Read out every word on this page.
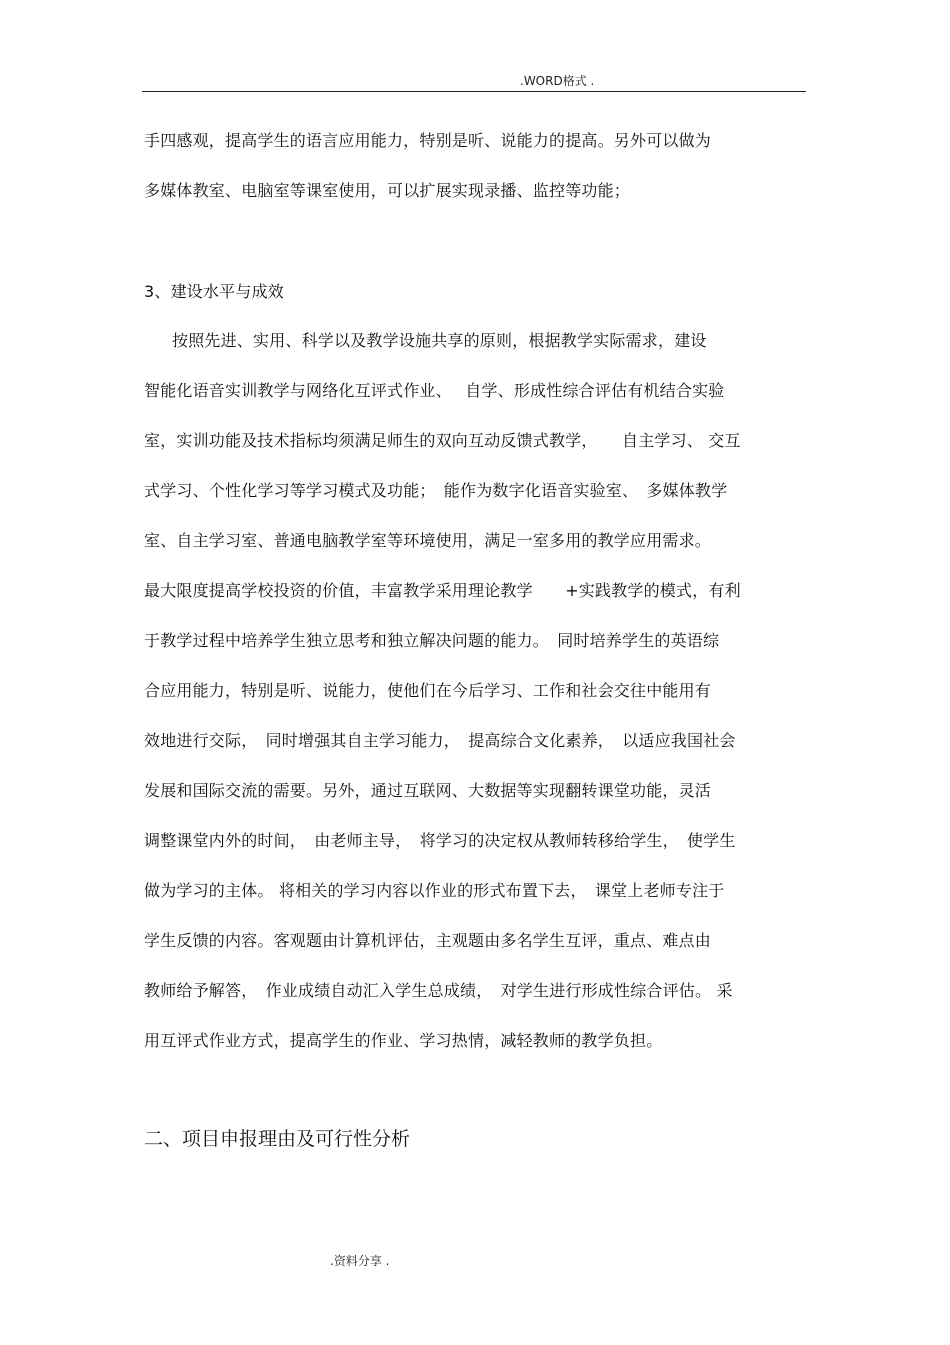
.WORD格式 .
手四感观，提高学生的语言应用能力，特别是听、说能力的提高。另外可以做为
多媒体教室、电脑室等课室使用，可以扩展实现录播、监控等功能；
3、建设水平与成效
按照先进、实用、科学以及教学设施共享的原则，根据教学实际需求，建设
智能化语音实训教学与网络化互评式作业、　 自学、形成性综合评估有机结合实验
室，实训功能及技术指标均须满足师生的双向互动反馈式教学，　　自主学习、 交互
式学习、个性化学习等学习模式及功能；　能作为数字化语音实验室、　多媒体教学
室、自主学习室、普通电脑教学室等环境使用，满足一室多用的教学应用需求。
最大限度提高学校投资的价值，丰富教学采用理论教学　　+实践教学的模式，有利
于教学过程中培养学生独立思考和独立解决问题的能力。　同时培养学生的英语综
合应用能力，特别是听、说能力，使他们在今后学习、工作和社会交往中能用有
效地进行交际，　同时增强其自主学习能力，　提高综合文化素养，　以适应我国社会
发展和国际交流的需要。另外，通过互联网、大数据等实现翻转课堂功能，灵活
调整课堂内外的时间，　由老师主导，　将学习的决定权从教师转移给学生，　使学生
做为学习的主体。 将相关的学习内容以作业的形式布置下去，　课堂上老师专注于
学生反馈的内容。客观题由计算机评估，主观题由多名学生互评，重点、难点由
教师给予解答，　作业成绩自动汇入学生总成绩，　对学生进行形成性综合评估。 采
用互评式作业方式，提高学生的作业、学习热情，减轻教师的教学负担。
二、项目申报理由及可行性分析
.资料分享 .
